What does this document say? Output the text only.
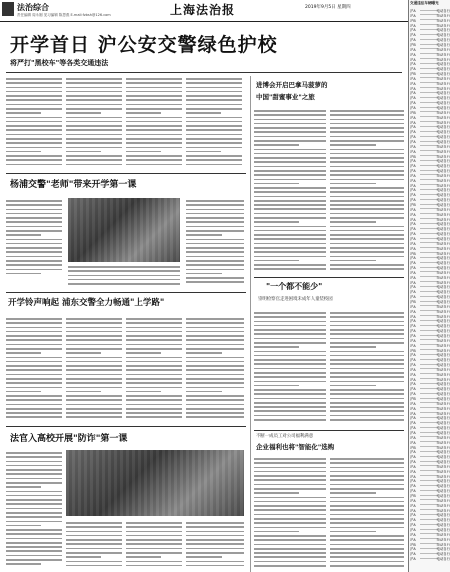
法治综合
责任编辑 周永刚 见习编辑 陈思燕 E-mail:fzbsh@126.com	上海法治报	2019年9月5日 星期四
开学首日 沪公安交警绿色护校
将严打"黑校车"等各类交通违法
杨浦交警"老师"带来开学第一课
开学铃声响起 浦东交警全力畅通"上学路"
法官入高校开展"防诈"第一课
进博会开启巴拿马菠萝的
中国"甜蜜事业"之旅
"一个都不能少"
崇明检察官走进困境未成年人童装校园
不断一成员工对公司福利满意
企业福利也将"智能化"选购
交通违法车辆曝光
沪A	电动自行
沪A	电动自行
沪B	电动自行
沪A	电动自行
沪A	电动自行
沪A	电动自行
沪A	电动自行
沪B	电动自行
沪A	电动自行
沪A	电动自行
沪A	电动自行
沪A	电动自行
沪A	电动自行
沪B	电动自行
沪A	电动自行
沪A	电动自行
沪A	电动自行
沪A	电动自行
沪A	电动自行
沪A	电动自行
沪A	电动自行
沪B	电动自行
沪A	电动自行
沪A	电动自行
沪A	电动自行
沪A	电动自行
沪A	电动自行
沪A	电动自行
沪A	电动自行
沪A	电动自行
沪B	电动自行
沪A	电动自行
沪A	电动自行
沪A	电动自行
沪A	电动自行
沪A	电动自行
沪A	电动自行
沪A	电动自行
沪A	电动自行
沪A	电动自行
沪B	电动自行
沪A	电动自行
沪A	电动自行
沪A	电动自行
沪A	电动自行
沪A	电动自行
沪A	电动自行
沪A	电动自行
沪A	电动自行
沪A	电动自行
沪B	电动自行
沪A	电动自行
沪A	电动自行
沪A	电动自行
沪A	电动自行
沪A	电动自行
沪A	电动自行
沪A	电动自行
沪A	电动自行
沪A	电动自行
沪B	电动自行
沪A	电动自行
沪A	电动自行
沪A	电动自行
沪A	电动自行
沪A	电动自行
沪A	电动自行
沪A	电动自行
沪A	电动自行
沪A	电动自行
沪B	电动自行
沪A	电动自行
沪A	电动自行
沪A	电动自行
沪A	电动自行
沪A	电动自行
沪A	电动自行
沪A	电动自行
沪A	电动自行
沪A	电动自行
沪B	电动自行
沪A	电动自行
沪A	电动自行
沪A	电动自行
沪A	电动自行
沪A	电动自行
沪A	电动自行
沪A	电动自行
沪A	电动自行
沪A	电动自行
沪B	电动自行
沪A	电动自行
沪A	电动自行
沪A	电动自行
沪A	电动自行
沪A	电动自行
沪A	电动自行
沪A	电动自行
沪A	电动自行
沪A	电动自行
沪B	电动自行
沪A	电动自行
沪A	电动自行
沪A	电动自行
沪A	电动自行
沪A	电动自行
沪A	电动自行
沪A	电动自行
沪A	电动自行
沪A	电动自行
沪B	电动自行
沪A	电动自行
沪A	电动自行
沪A	电动自行
